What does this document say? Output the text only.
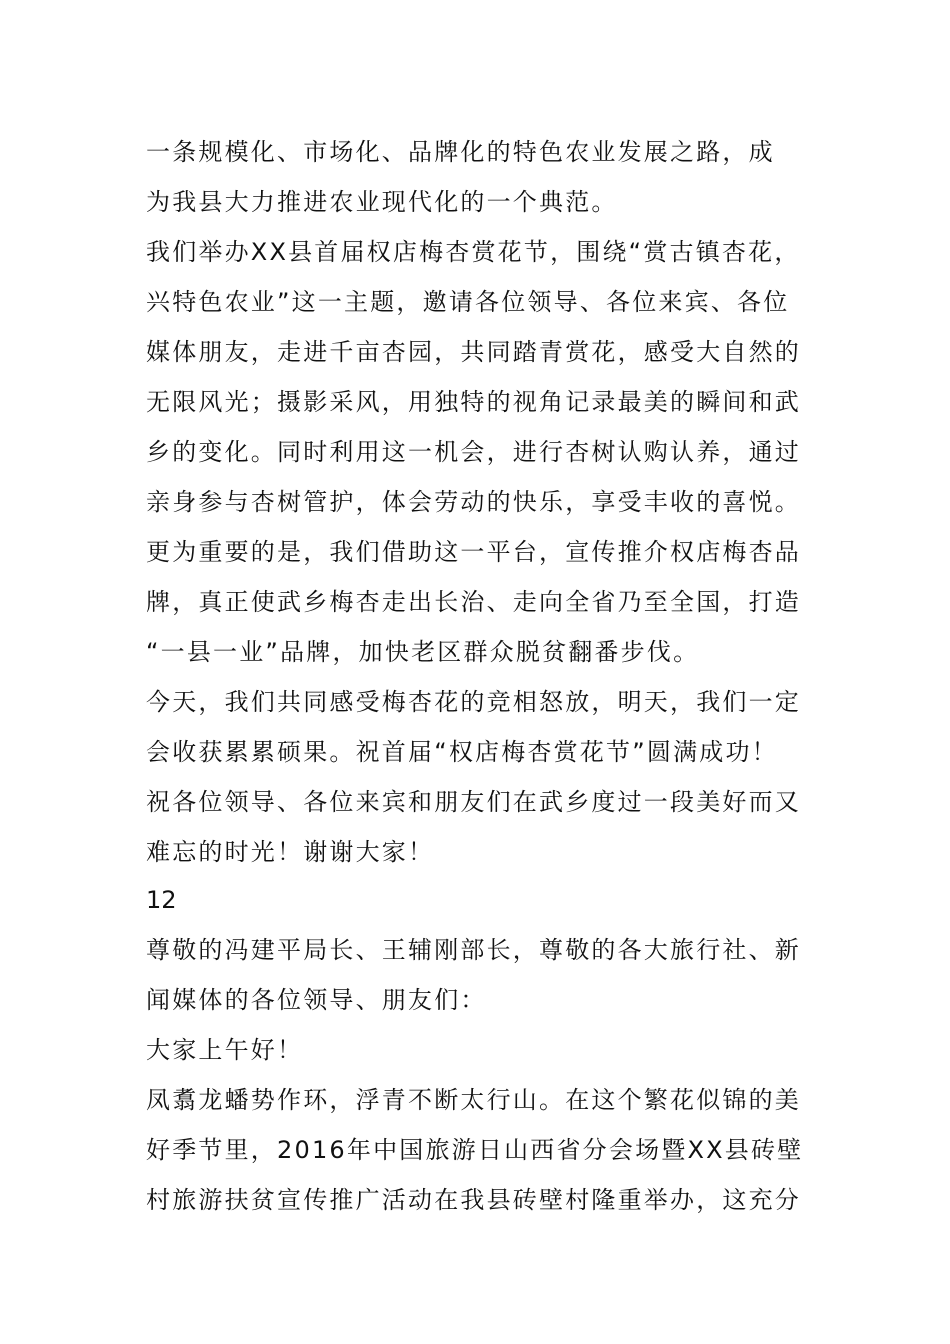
一条规模化、市场化、品牌化的特色农业发展之路，成
为我县大力推进农业现代化的一个典范。
我们举办XX县首届权店梅杏赏花节，围绕“赏古镇杏花，
兴特色农业”这一主题，邀请各位领导、各位来宾、各位
媒体朋友，走进千亩杏园，共同踏青赏花，感受大自然的
无限风光；摄影采风，用独特的视角记录最美的瞬间和武
乡的变化。同时利用这一机会，进行杏树认购认养，通过
亲身参与杏树管护，体会劳动的快乐，享受丰收的喜悦。
更为重要的是，我们借助这一平台，宣传推介权店梅杏品
牌，真正使武乡梅杏走出长治、走向全省乃至全国，打造
“一县一业”品牌，加快老区群众脱贫翻番步伐。
今天，我们共同感受梅杏花的竞相怒放，明天，我们一定
会收获累累硕果。祝首届“权店梅杏赏花节”圆满成功！
祝各位领导、各位来宾和朋友们在武乡度过一段美好而又
难忘的时光！谢谢大家！
12
尊敬的冯建平局长、王辅刚部长，尊敬的各大旅行社、新
闻媒体的各位领导、朋友们：
大家上午好！
凤翥龙蟠势作环，浮青不断太行山。在这个繁花似锦的美
好季节里，2016年中国旅游日山西省分会场暨XX县砖壁
村旅游扶贫宣传推广活动在我县砖壁村隆重举办，这充分
